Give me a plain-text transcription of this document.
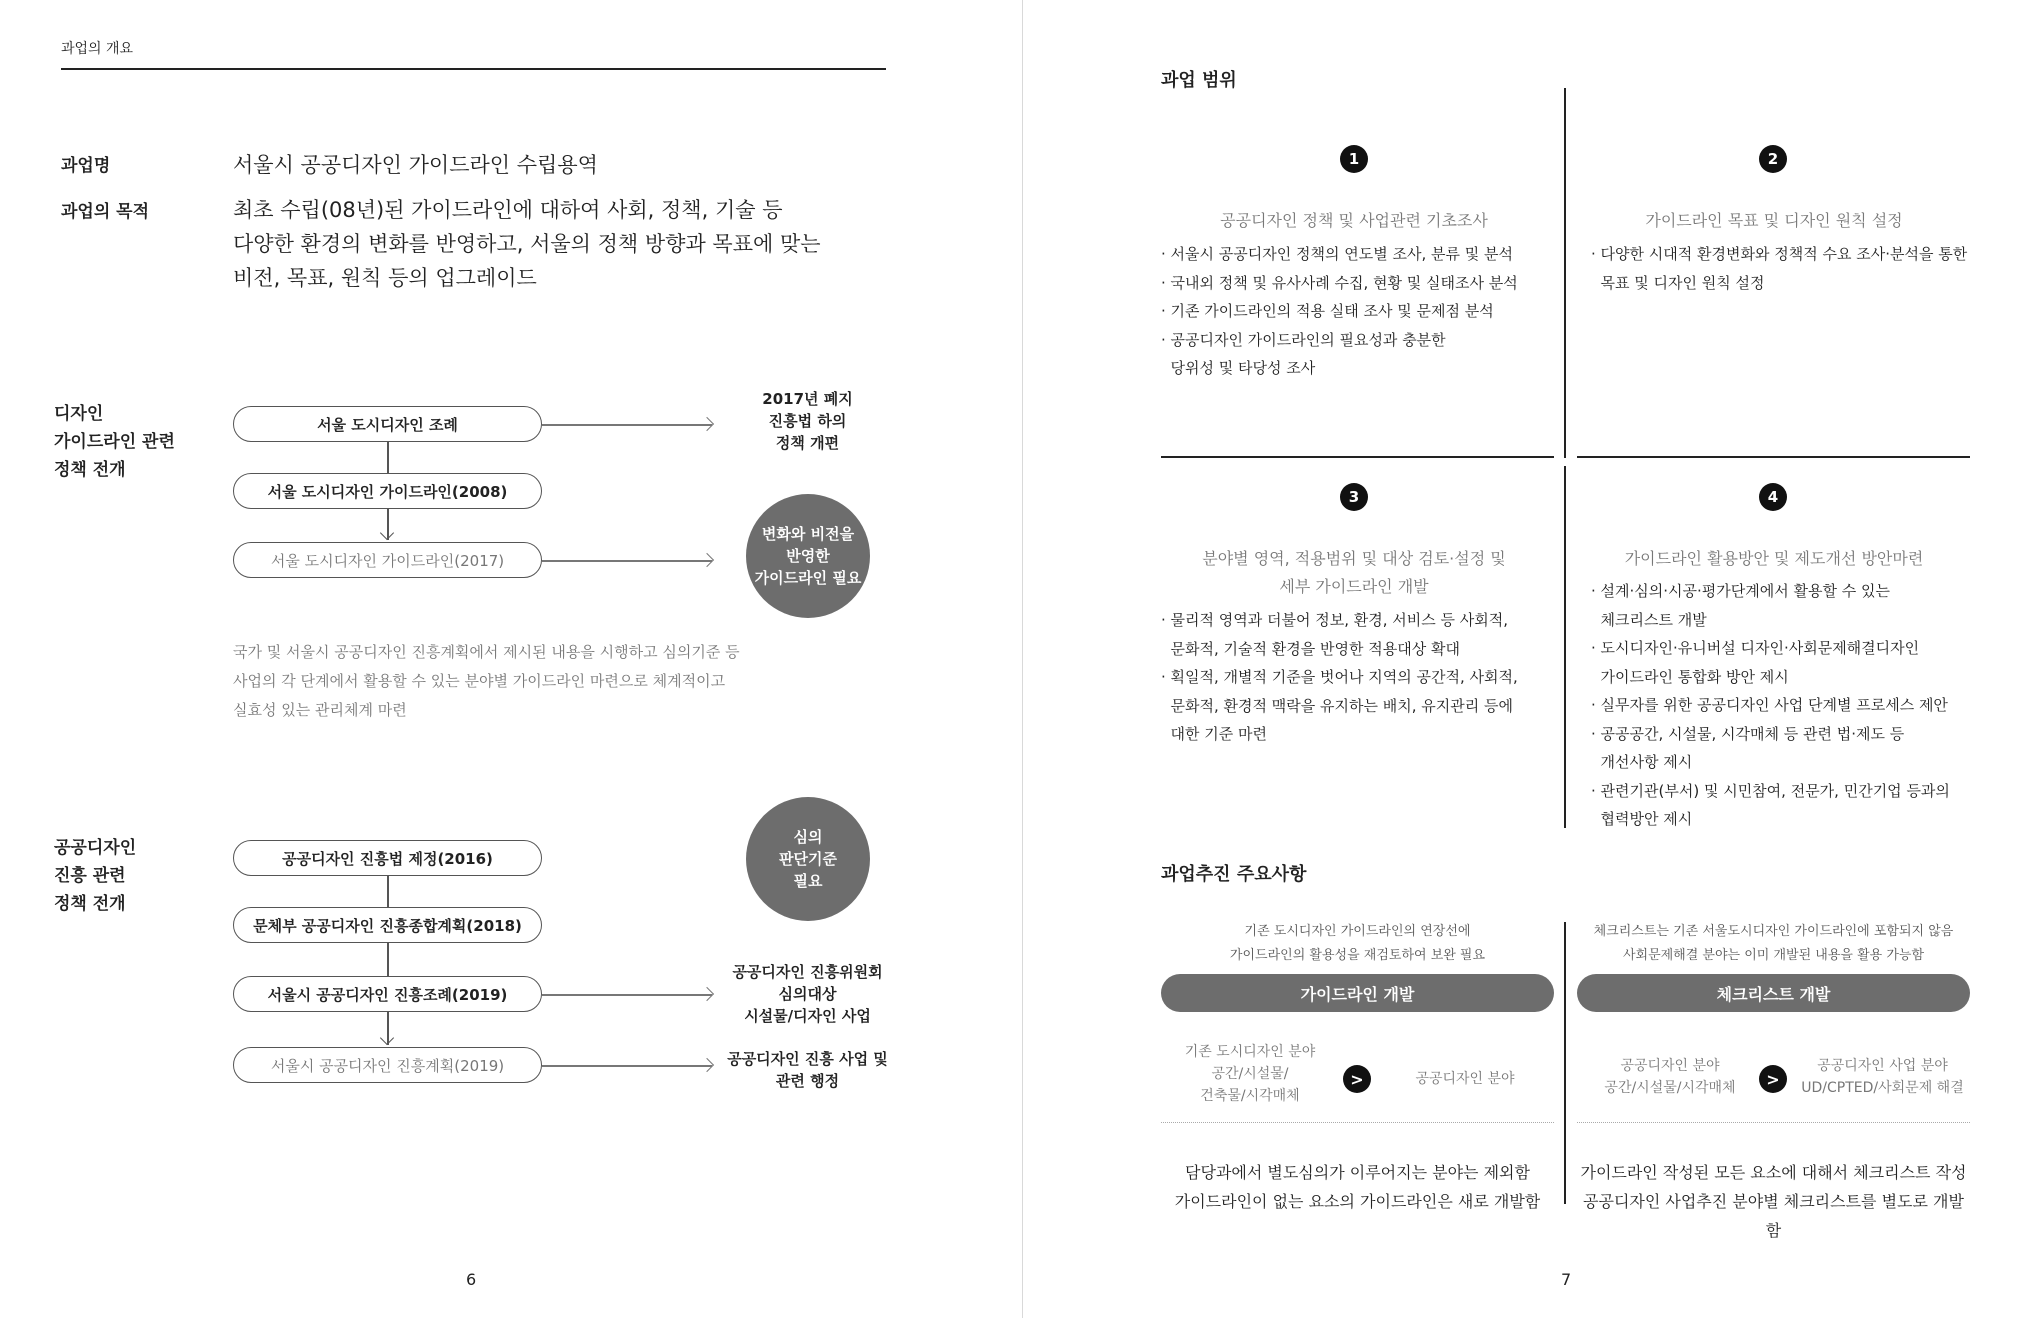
과업의 개요
과업명	서울시 공공디자인 가이드라인 수립용역
과업의 목적	최초 수립(08년)된 가이드라인에 대하여 사회, 정책, 기술 등
다양한 환경의 변화를 반영하고, 서울의 정책 방향과 목표에 맞는
비전, 목표, 원칙 등의 업그레이드
디자인
가이드라인 관련
정책 전개
서울 도시디자인 조례
서울 도시디자인 가이드라인(2008)
서울 도시디자인 가이드라인(2017)
2017년 폐지
진흥법 하의
정책 개편
변화와 비전을
반영한
가이드라인 필요
국가 및 서울시 공공디자인 진흥계획에서 제시된 내용을 시행하고 심의기준 등
사업의 각 단계에서 활용할 수 있는 분야별 가이드라인 마련으로 체계적이고
실효성 있는 관리체계 마련
공공디자인
진흥 관련
정책 전개
공공디자인 진흥법 제정(2016)
문체부 공공디자인 진흥종합계획(2018)
서울시 공공디자인 진흥조례(2019)
서울시 공공디자인 진흥계획(2019)
심의
판단기준
필요
공공디자인 진흥위원회
심의대상
시설물/디자인 사업
공공디자인 진흥 사업 및
관련 행정
6
과업 범위
1
공공디자인 정책 및 사업관련 기초조사
· 서울시 공공디자인 정책의 연도별 조사, 분류 및 분석
· 국내외 정책 및 유사사례 수집, 현황 및 실태조사 분석
· 기존 가이드라인의 적용 실태 조사 및 문제점 분석
· 공공디자인 가이드라인의 필요성과 충분한
당위성 및 타당성 조사
2
가이드라인 목표 및 디자인 원칙 설정
· 다양한 시대적 환경변화와 정책적 수요 조사·분석을 통한
목표 및 디자인 원칙 설정
3
분야별 영역, 적용범위 및 대상 검토·설정 및
세부 가이드라인 개발
· 물리적 영역과 더불어 정보, 환경, 서비스 등 사회적,
문화적, 기술적 환경을 반영한 적용대상 확대
· 획일적, 개별적 기준을 벗어나 지역의 공간적, 사회적,
문화적, 환경적 맥락을 유지하는 배치, 유지관리 등에
대한 기준 마련
4
가이드라인 활용방안 및 제도개선 방안마련
· 설계·심의·시공·평가단계에서 활용할 수 있는
체크리스트 개발
· 도시디자인·유니버설 디자인·사회문제해결디자인
가이드라인 통합화 방안 제시
· 실무자를 위한 공공디자인 사업 단계별 프로세스 제안
· 공공공간, 시설물, 시각매체 등 관련 법·제도 등
개선사항 제시
· 관련기관(부서) 및 시민참여, 전문가, 민간기업 등과의
협력방안 제시
과업추진 주요사항
기존 도시디자인 가이드라인의 연장선에
가이드라인의 활용성을 재검토하여 보완 필요
가이드라인 개발
기존 도시디자인 분야
공간/시설물/
건축물/시각매체
>	공공디자인 분야
담당과에서 별도심의가 이루어지는 분야는 제외함
가이드라인이 없는 요소의 가이드라인은 새로 개발함
체크리스트는 기존 서울도시디자인 가이드라인에 포함되지 않음
사회문제해결 분야는 이미 개발된 내용을 활용 가능함
체크리스트 개발
공공디자인 분야
공간/시설물/시각매체	>
공공디자인 사업 분야
UD/CPTED/사회문제 해결
가이드라인 작성된 모든 요소에 대해서 체크리스트 작성
공공디자인 사업추진 분야별 체크리스트를 별도로 개발함
7
